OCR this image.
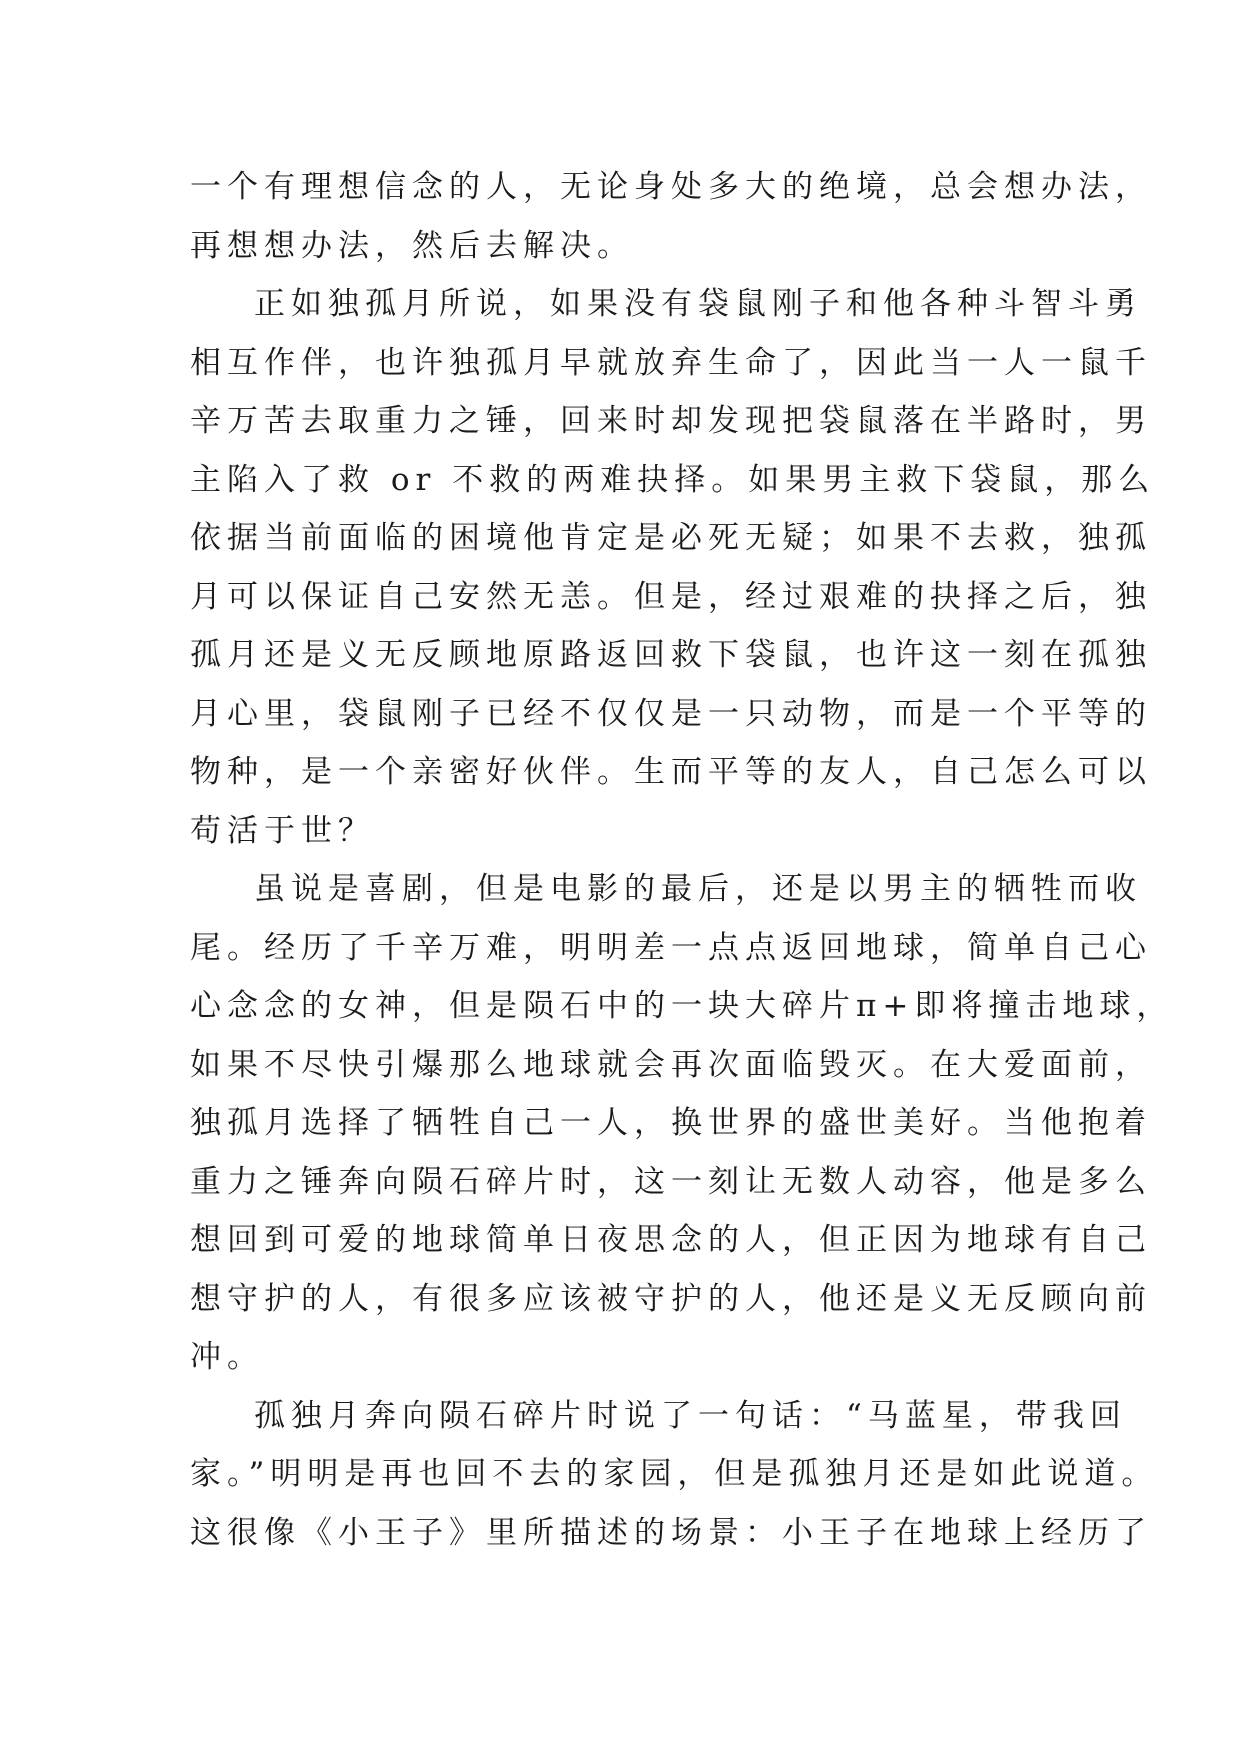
一个有理想信念的人，无论身处多大的绝境，总会想办法，
再想想办法，然后去解决。
正如独孤月所说，如果没有袋鼠刚子和他各种斗智斗勇
相互作伴，也许独孤月早就放弃生命了，因此当一人一鼠千
辛万苦去取重力之锤，回来时却发现把袋鼠落在半路时，男
主陷入了救 or 不救的两难抉择。如果男主救下袋鼠，那么
依据当前面临的困境他肯定是必死无疑；如果不去救，独孤
月可以保证自己安然无恙。但是，经过艰难的抉择之后，独
孤月还是义无反顾地原路返回救下袋鼠，也许这一刻在孤独
月心里，袋鼠刚子已经不仅仅是一只动物，而是一个平等的
物种，是一个亲密好伙伴。生而平等的友人，自己怎么可以
苟活于世？
虽说是喜剧，但是电影的最后，还是以男主的牺牲而收
尾。经历了千辛万难，明明差一点点返回地球，简单自己心
心念念的女神，但是陨石中的一块大碎片π+即将撞击地球，
如果不尽快引爆那么地球就会再次面临毁灭。在大爱面前，
独孤月选择了牺牲自己一人，换世界的盛世美好。当他抱着
重力之锤奔向陨石碎片时，这一刻让无数人动容，他是多么
想回到可爱的地球简单日夜思念的人，但正因为地球有自己
想守护的人，有很多应该被守护的人，他还是义无反顾向前
冲。
孤独月奔向陨石碎片时说了一句话：“马蓝星，带我回
家。”明明是再也回不去的家园，但是孤独月还是如此说道。
这很像《小王子》里所描述的场景：小王子在地球上经历了
